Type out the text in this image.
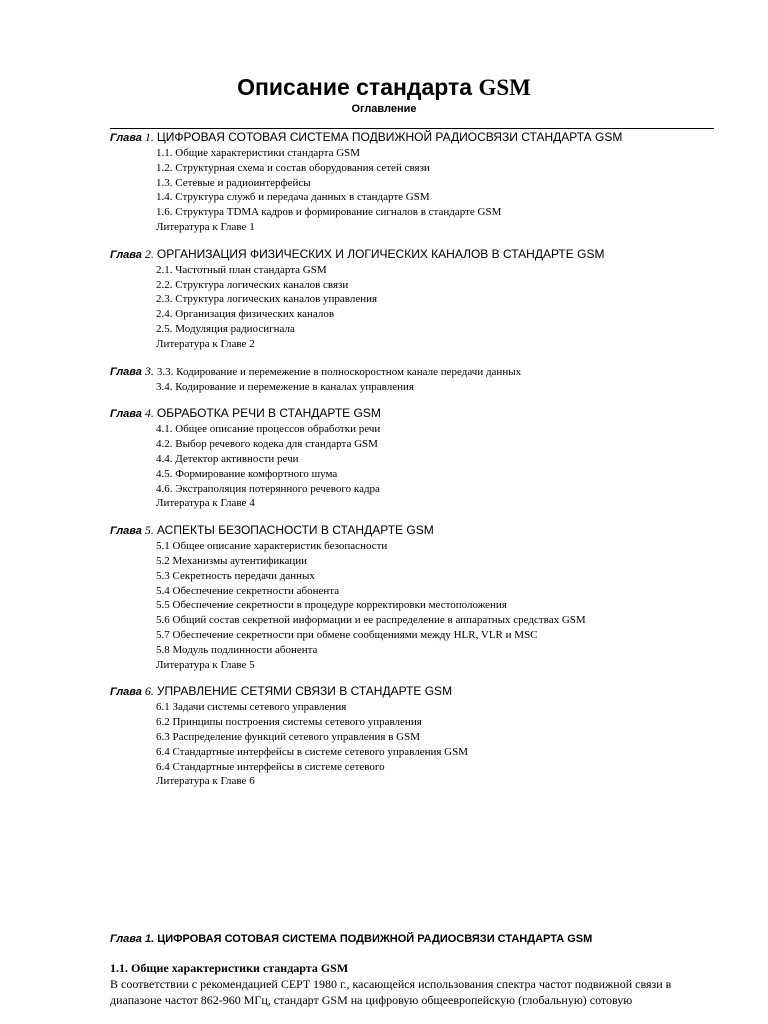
Описание стандарта GSM
Оглавление
Глава 1. ЦИФРОВАЯ СОТОВАЯ СИСТЕМА ПОДВИЖНОЙ РАДИОСВЯЗИ СТАНДАРТА GSM
1.1. Общие характеристики стандарта GSM
1.2. Структурная схема и состав оборудования сетей связи
1.3. Сетевые и радиоинтерфейсы
1.4. Структура служб и передача данных в стандарте GSM
1.6. Структура TDMA кадров и формирование сигналов в стандарте GSM
Литература к Главе 1
Глава 2. ОРГАНИЗАЦИЯ ФИЗИЧЕСКИХ И ЛОГИЧЕСКИХ КАНАЛОВ В СТАНДАРТЕ GSM
2.1. Частотный план стандарта GSM
2.2. Структура логических каналов связи
2.3. Структура логических каналов управления
2.4. Организация физических каналов
2.5. Модуляция радиосигнала
Литература к Главе 2
Глава 3. 3.3. Кодирование и перемежение в полноскоростном канале передачи данных
3.4. Кодирование и перемежение в каналах управления
Глава 4. ОБРАБОТКА РЕЧИ В СТАНДАРТЕ GSM
4.1. Общее описание процессов обработки речи
4.2. Выбор речевого кодека для стандарта GSM
4.4. Детектор активности речи
4.5. Формирование комфортного шума
4.6. Экстраполяция потерянного речевого кадра
Литература к Главе 4
Глава 5. АСПЕКТЫ БЕЗОПАСНОСТИ В СТАНДАРТЕ GSM
5.1 Общее описание характеристик безопасности
5.2 Механизмы аутентификации
5.3 Секретность передачи данных
5.4 Обеспечение секретности абонента
5.5 Обеспечение секретности в процедуре корректировки местоположения
5.6 Общий состав секретной информации и ее распределение в аппаратных средствах GSM
5.7 Обеспечение секретности при обмене сообщениями между HLR, VLR и MSC
5.8 Модуль подлинности абонента
Литература к Главе 5
Глава 6. УПРАВЛЕНИЕ СЕТЯМИ СВЯЗИ В СТАНДАРТЕ GSM
6.1 Задачи системы сетевого управления
6.2 Принципы построения системы сетевого управления
6.3 Распределение функций сетевого управления в GSM
6.4 Стандартные интерфейсы в системе сетевого управления GSM
6.4 Стандартные интерфейсы в системе сетевого
Литература к Главе 6

Глава 1. ЦИФРОВАЯ СОТОВАЯ СИСТЕМА ПОДВИЖНОЙ РАДИОСВЯЗИ СТАНДАРТА GSM

1.1. Общие характеристики стандарта GSM

В соответствии с рекомендацией CEPT 1980 г., касающейся использования спектра частот подвижной связи в диапазоне частот 862-960 МГц, стандарт GSM на цифровую общеевропейскую (глобальную) сотовую
